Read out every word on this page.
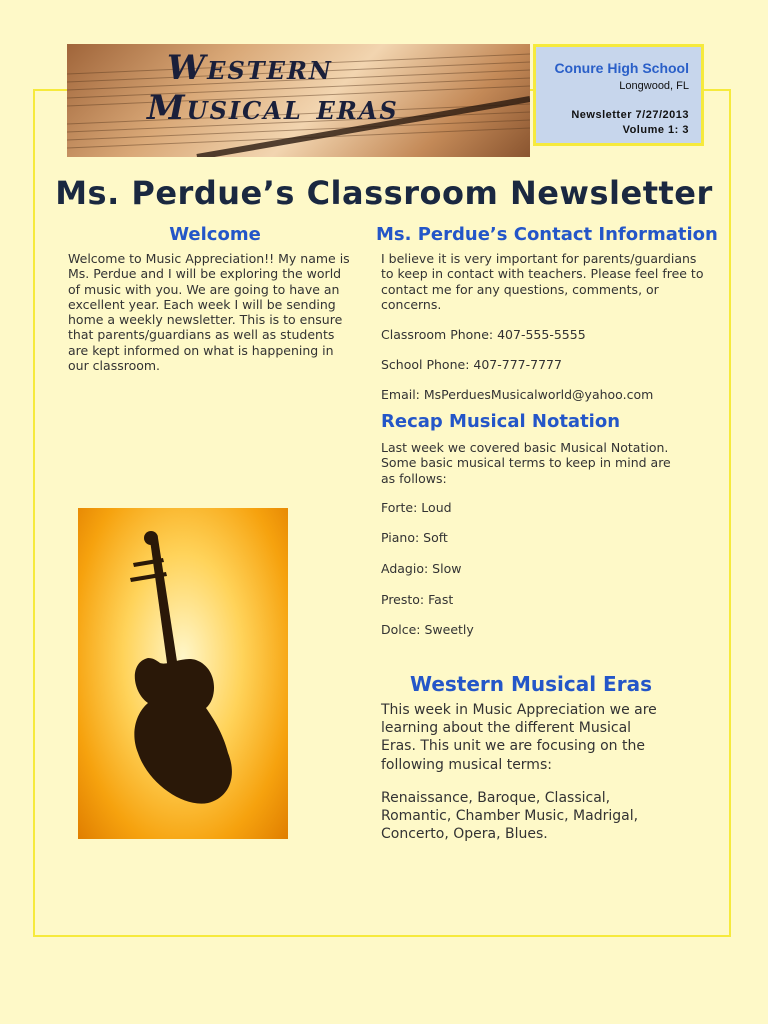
Western
Musical eras
Conure High School
Longwood, FL
Newsletter 7/27/2013
Volume 1: 3
Ms. Perdue’s Classroom Newsletter
Welcome

Welcome to Music Appreciation!! My name is
Ms. Perdue and I will be exploring the world
of music with you. We are going to have an
excellent year. Each week I will be sending
home a weekly newsletter. This is to ensure
that parents/guardians as well as students
are kept informed on what is happening in
our classroom.

Ms. Perdue’s Contact Information

I believe it is very important for parents/guardians
to keep in contact with teachers. Please feel free to
contact me for any questions, comments, or
concerns.

Classroom Phone: 407-555-5555
School Phone: 407-777-7777
Email: MsPerduesMusicalworld@yahoo.com
Recap Musical Notation

Last week we covered basic Musical Notation.
Some basic musical terms to keep in mind are
as follows:

Forte: Loud
Piano: Soft
Adagio: Slow
Presto: Fast
Dolce: Sweetly
Western Musical Eras

This week in Music Appreciation we are
learning about the different Musical
Eras. This unit we are focusing on the
following musical terms:

Renaissance, Baroque, Classical,
Romantic, Chamber Music, Madrigal,
Concerto, Opera, Blues.
